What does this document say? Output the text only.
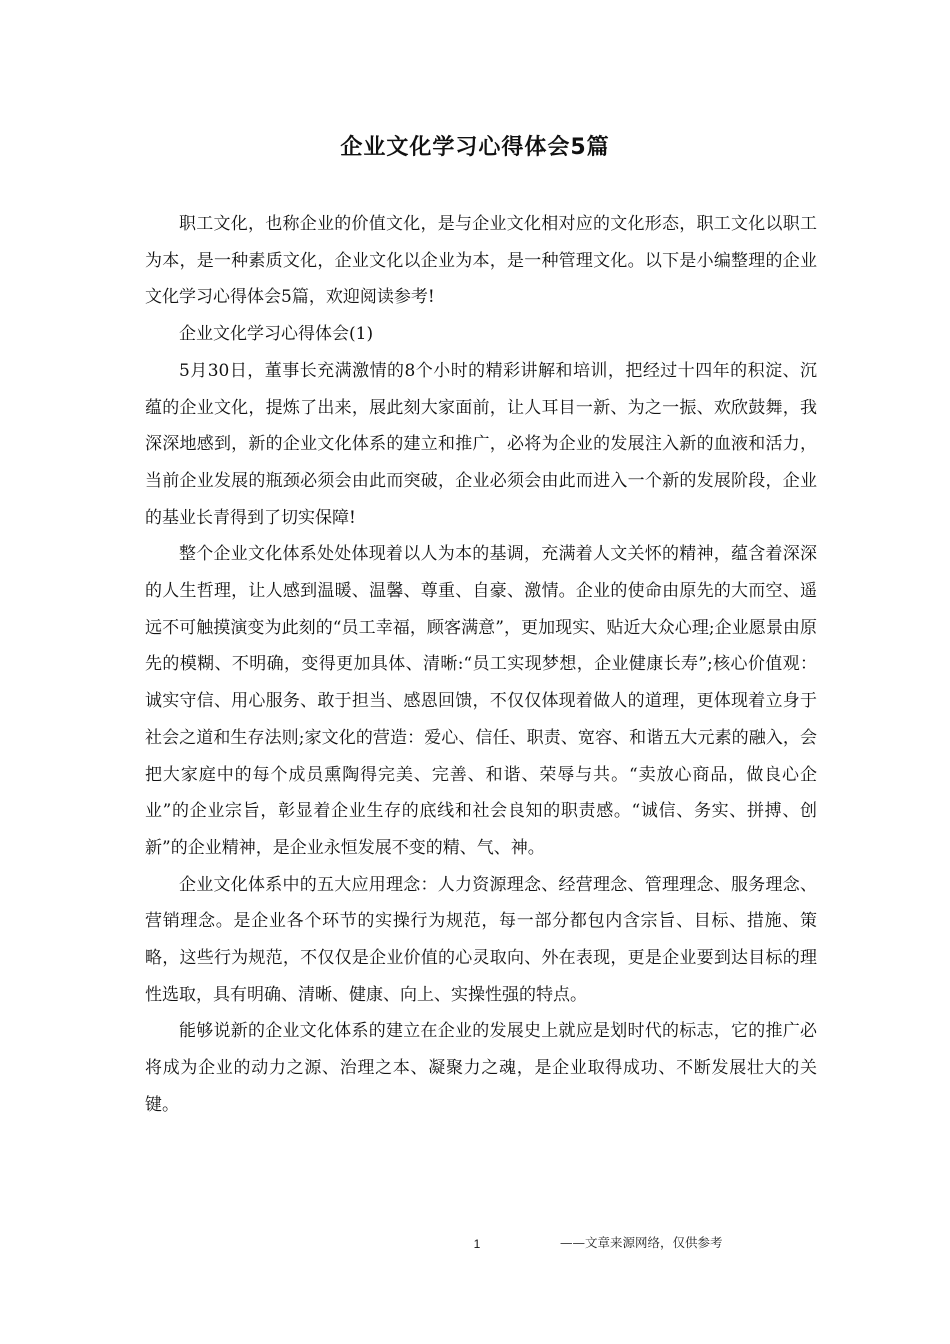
企业文化学习心得体会5篇

职工文化，也称企业的价值文化，是与企业文化相对应的文化形态，职工文化以职工为本，是一种素质文化，企业文化以企业为本，是一种管理文化。以下是小编整理的企业文化学习心得体会5篇，欢迎阅读参考!

企业文化学习心得体会(1)

5月30日，董事长充满激情的8个小时的精彩讲解和培训，把经过十四年的积淀、沉蕴的企业文化，提炼了出来，展此刻大家面前，让人耳目一新、为之一振、欢欣鼓舞，我深深地感到，新的企业文化体系的建立和推广，必将为企业的发展注入新的血液和活力，当前企业发展的瓶颈必须会由此而突破，企业必须会由此而进入一个新的发展阶段，企业的基业长青得到了切实保障!

整个企业文化体系处处体现着以人为本的基调，充满着人文关怀的精神，蕴含着深深的人生哲理，让人感到温暖、温馨、尊重、自豪、激情。企业的使命由原先的大而空、遥远不可触摸演变为此刻的“员工幸福，顾客满意”，更加现实、贴近大众心理;企业愿景由原先的模糊、不明确，变得更加具体、清晰:“员工实现梦想，企业健康长寿”;核心价值观：诚实守信、用心服务、敢于担当、感恩回馈，不仅仅体现着做人的道理，更体现着立身于社会之道和生存法则;家文化的营造：爱心、信任、职责、宽容、和谐五大元素的融入，会把大家庭中的每个成员熏陶得完美、完善、和谐、荣辱与共。“卖放心商品，做良心企业”的企业宗旨，彰显着企业生存的底线和社会良知的职责感。“诚信、务实、拼搏、创新”的企业精神，是企业永恒发展不变的精、气、神。

企业文化体系中的五大应用理念：人力资源理念、经营理念、管理理念、服务理念、营销理念。是企业各个环节的实操行为规范，每一部分都包内含宗旨、目标、措施、策略，这些行为规范，不仅仅是企业价值的心灵取向、外在表现，更是企业要到达目标的理性选取，具有明确、清晰、健康、向上、实操性强的特点。

能够说新的企业文化体系的建立在企业的发展史上就应是划时代的标志，它的推广必将成为企业的动力之源、治理之本、凝聚力之魂，是企业取得成功、不断发展壮大的关键。

1	——文章来源网络，仅供参考
